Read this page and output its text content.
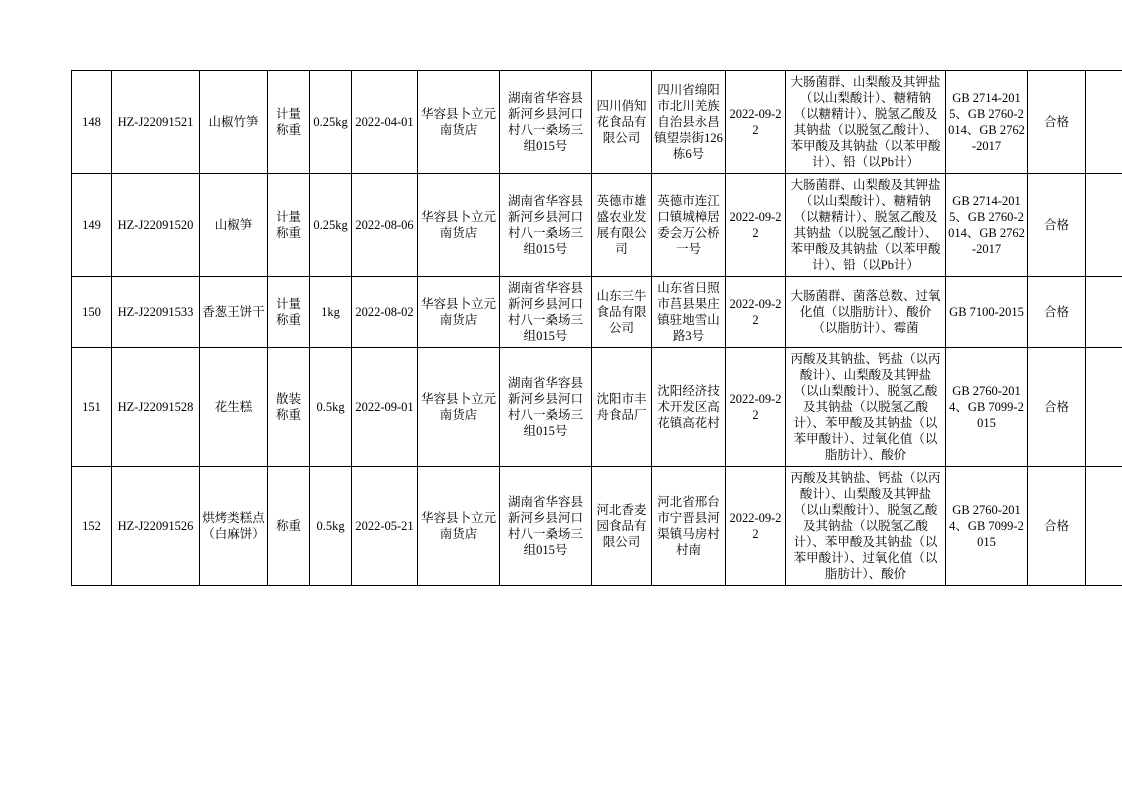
148	HZ-J22091521	山椒竹笋	计量称重	0.25kg	2022-04-01	华容县卜立元南货店	湖南省华容县新河乡县河口村八一桑场三组015号	四川俏知花食品有限公司	四川省绵阳市北川羌族自治县永昌镇望崇街126栋6号	2022-09-22	大肠菌群、山梨酸及其钾盐（以山梨酸计）、糖精钠（以糖精计）、脱氢乙酸及其钠盐（以脱氢乙酸计）、苯甲酸及其钠盐（以苯甲酸计）、铅（以Pb计）	GB 2714-2015、GB 2760-2014、GB 2762-2017	合格	
149	HZ-J22091520	山椒笋	计量称重	0.25kg	2022-08-06	华容县卜立元南货店	湖南省华容县新河乡县河口村八一桑场三组015号	英德市雄盛农业发展有限公司	英德市连江口镇城樟居委会万公桥一号	2022-09-22	大肠菌群、山梨酸及其钾盐（以山梨酸计）、糖精钠（以糖精计）、脱氢乙酸及其钠盐（以脱氢乙酸计）、苯甲酸及其钠盐（以苯甲酸计）、铅（以Pb计）	GB 2714-2015、GB 2760-2014、GB 2762-2017	合格	
150	HZ-J22091533	香葱王饼干	计量称重	1kg	2022-08-02	华容县卜立元南货店	湖南省华容县新河乡县河口村八一桑场三组015号	山东三牛食品有限公司	山东省日照市莒县果庄镇驻地雪山路3号	2022-09-22	大肠菌群、菌落总数、过氧化值（以脂肪计）、酸价（以脂肪计）、霉菌	GB 7100-2015	合格	
151	HZ-J22091528	花生糕	散装称重	0.5kg	2022-09-01	华容县卜立元南货店	湖南省华容县新河乡县河口村八一桑场三组015号	沈阳市丰舟食品厂	沈阳经济技术开发区高花镇高花村	2022-09-22	丙酸及其钠盐、钙盐（以丙酸计）、山梨酸及其钾盐（以山梨酸计）、脱氢乙酸及其钠盐（以脱氢乙酸计）、苯甲酸及其钠盐（以苯甲酸计）、过氧化值（以脂肪计）、酸价	GB 2760-2014、GB 7099-2015	合格	
152	HZ-J22091526	烘烤类糕点（白麻饼）	称重	0.5kg	2022-05-21	华容县卜立元南货店	湖南省华容县新河乡县河口村八一桑场三组015号	河北香麦园食品有限公司	河北省邢台市宁晋县河渠镇马房村村南	2022-09-22	丙酸及其钠盐、钙盐（以丙酸计）、山梨酸及其钾盐（以山梨酸计）、脱氢乙酸及其钠盐（以脱氢乙酸计）、苯甲酸及其钠盐（以苯甲酸计）、过氧化值（以脂肪计）、酸价	GB 2760-2014、GB 7099-2015	合格	
